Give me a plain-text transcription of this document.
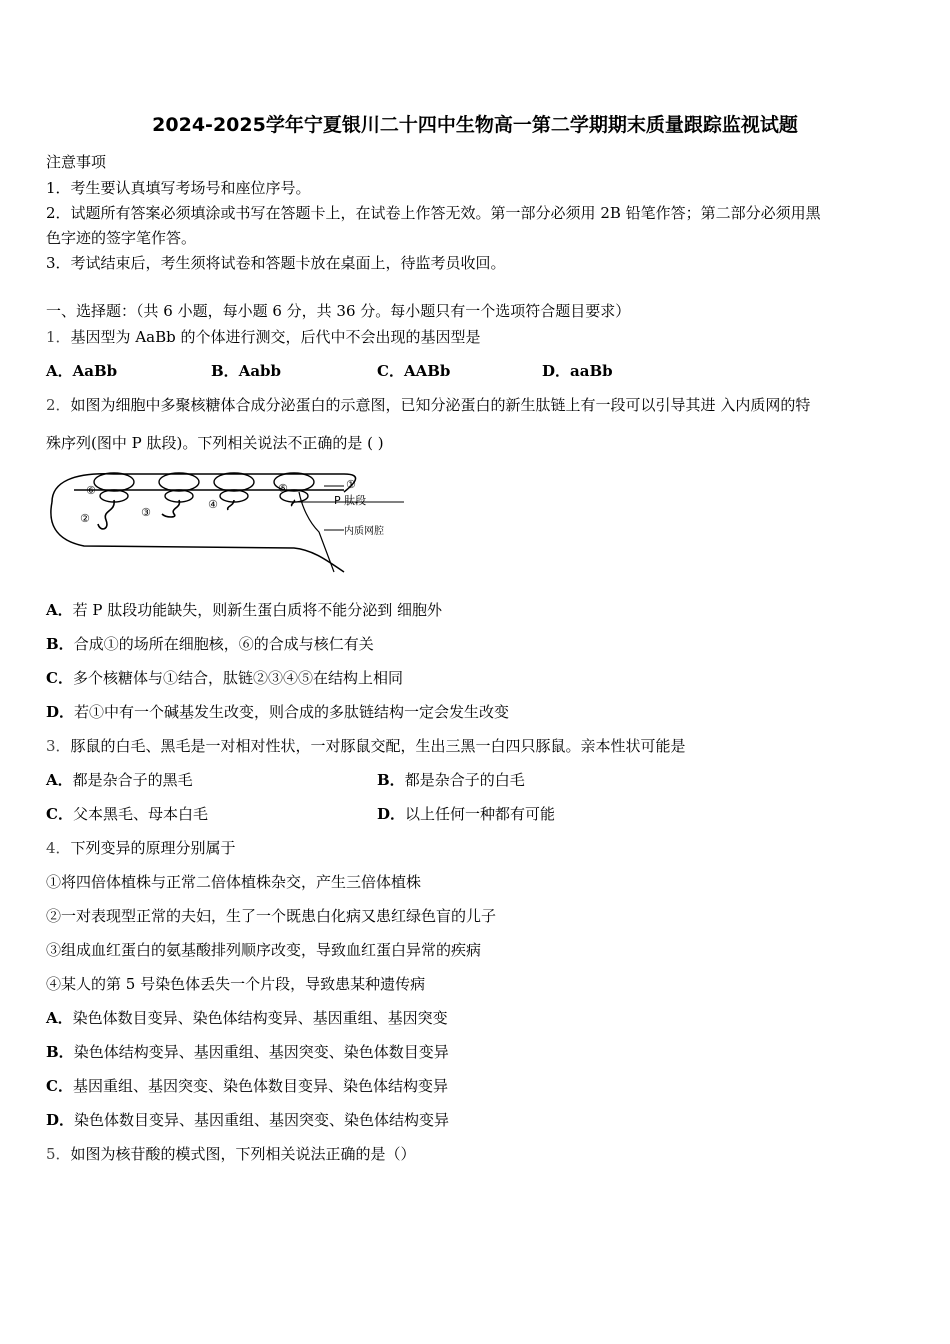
2024-2025学年宁夏银川二十四中生物高一第二学期期末质量跟踪监视试题
注意事项
1．考生要认真填写考场号和座位序号。
2．试题所有答案必须填涂或书写在答题卡上，在试卷上作答无效。第一部分必须用 2B 铅笔作答；第二部分必须用黑
色字迹的签字笔作答。
3．考试结束后，考生须将试卷和答题卡放在桌面上，待监考员收回。
一、选择题：（共 6 小题，每小题 6 分，共 36 分。每小题只有一个选项符合题目要求）
1．基因型为 AaBb 的个体进行测交，后代中不会出现的基因型是
A．AaBb	B．Aabb	C．AABb	D．aaBb
2．如图为细胞中多聚核糖体合成分泌蛋白的示意图，已知分泌蛋白的新生肽链上有一段可以引导其进 入内质网的特
殊序列(图中 P 肽段)。下列相关说法不正确的是 ( )
⑥
②	③
④
⑤	①
P 肽段
内质网腔
A．若 P 肽段功能缺失，则新生蛋白质将不能分泌到 细胞外
B．合成①的场所在细胞核，⑥的合成与核仁有关
C．多个核糖体与①结合，肽链②③④⑤在结构上相同
D．若①中有一个碱基发生改变，则合成的多肽链结构一定会发生改变
3．豚鼠的白毛、黑毛是一对相对性状，一对豚鼠交配，生出三黑一白四只豚鼠。亲本性状可能是
A．都是杂合子的黑毛	B．都是杂合子的白毛
C．父本黑毛、母本白毛	D．以上任何一种都有可能
4．下列变异的原理分别属于
①将四倍体植株与正常二倍体植株杂交，产生三倍体植株
②一对表现型正常的夫妇，生了一个既患白化病又患红绿色盲的儿子
③组成血红蛋白的氨基酸排列顺序改变，导致血红蛋白异常的疾病
④某人的第 5 号染色体丢失一个片段，导致患某种遗传病
A．染色体数目变异、染色体结构变异、基因重组、基因突变
B．染色体结构变异、基因重组、基因突变、染色体数目变异
C．基因重组、基因突变、染色体数目变异、染色体结构变异
D．染色体数目变异、基因重组、基因突变、染色体结构变异
5．如图为核苷酸的模式图，下列相关说法正确的是（）
